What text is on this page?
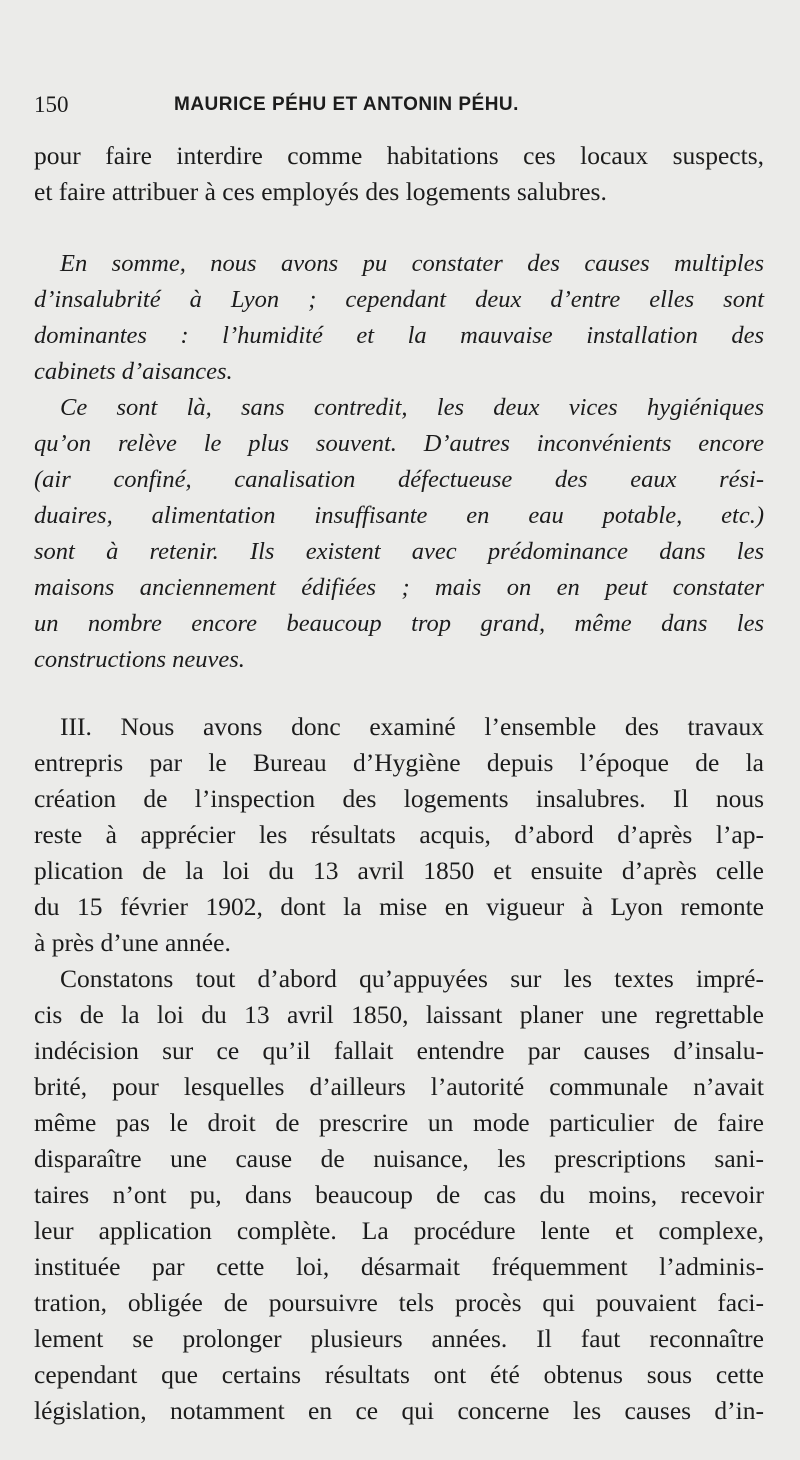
150	MAURICE PÉHU ET ANTONIN PÉHU.
pour faire interdire comme habitations ces locaux suspects,
et faire attribuer à ces employés des logements salubres.
En somme, nous avons pu constater des causes multiples
d’insalubrité à Lyon ; cependant deux d’entre elles sont
dominantes : l’humidité et la mauvaise installation des
cabinets d’aisances.
Ce sont là, sans contredit, les deux vices hygiéniques
qu’on relève le plus souvent. D’autres inconvénients encore
(air confiné, canalisation défectueuse des eaux rési-
duaires, alimentation insuffisante en eau potable, etc.)
sont à retenir. Ils existent avec prédominance dans les
maisons anciennement édifiées ; mais on en peut constater
un nombre encore beaucoup trop grand, même dans les
constructions neuves.
III. Nous avons donc examiné l’ensemble des travaux
entrepris par le Bureau d’Hygiène depuis l’époque de la
création de l’inspection des logements insalubres. Il nous
reste à apprécier les résultats acquis, d’abord d’après l’ap-
plication de la loi du 13 avril 1850 et ensuite d’après celle
du 15 février 1902, dont la mise en vigueur à Lyon remonte
à près d’une année.
Constatons tout d’abord qu’appuyées sur les textes impré-
cis de la loi du 13 avril 1850, laissant planer une regrettable
indécision sur ce qu’il fallait entendre par causes d’insalu-
brité, pour lesquelles d’ailleurs l’autorité communale n’avait
même pas le droit de prescrire un mode particulier de faire
disparaître une cause de nuisance, les prescriptions sani-
taires n’ont pu, dans beaucoup de cas du moins, recevoir
leur application complète. La procédure lente et complexe,
instituée par cette loi, désarmait fréquemment l’adminis-
tration, obligée de poursuivre tels procès qui pouvaient faci-
lement se prolonger plusieurs années. Il faut reconnaître
cependant que certains résultats ont été obtenus sous cette
législation, notamment en ce qui concerne les causes d’in-
